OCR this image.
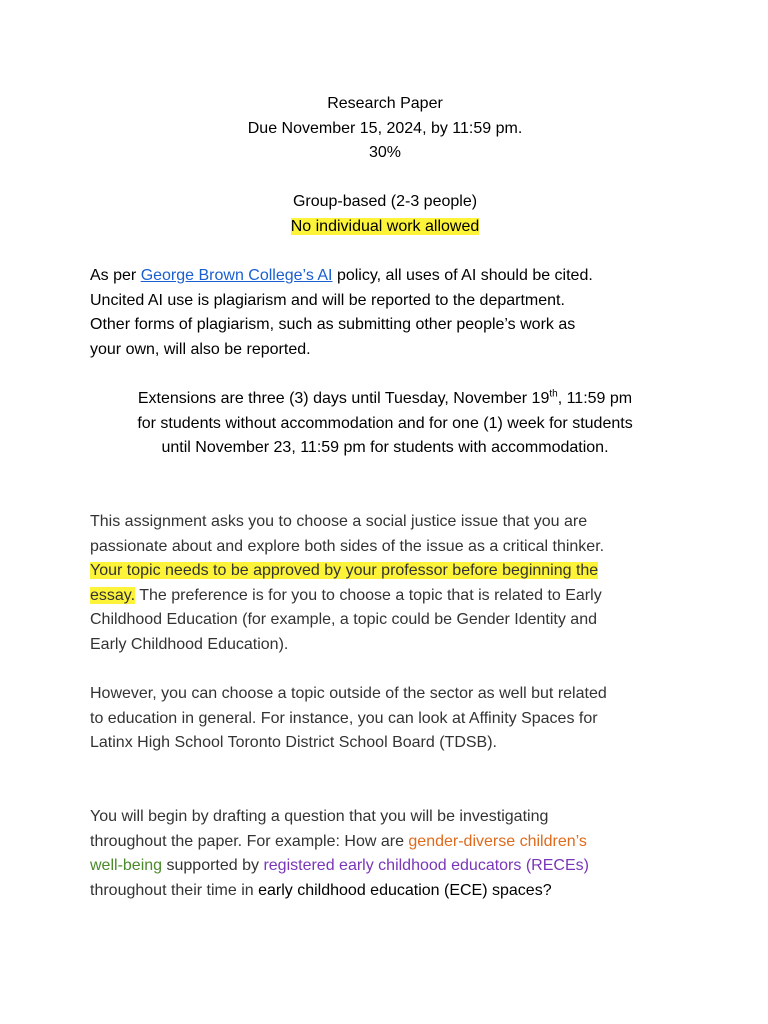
Research Paper
Due November 15, 2024, by 11:59 pm.
30%
Group-based (2-3 people)
No individual work allowed
As per George Brown College’s AI policy, all uses of AI should be cited.
Uncited AI use is plagiarism and will be reported to the department.
Other forms of plagiarism, such as submitting other people’s work as
your own, will also be reported.
Extensions are three (3) days until Tuesday, November 19th, 11:59 pm
for students without accommodation and for one (1) week for students
until November 23, 11:59 pm for students with accommodation.
This assignment asks you to choose a social justice issue that you are
passionate about and explore both sides of the issue as a critical thinker.
Your topic needs to be approved by your professor before beginning the
essay. The preference is for you to choose a topic that is related to Early
Childhood Education (for example, a topic could be Gender Identity and
Early Childhood Education).
However, you can choose a topic outside of the sector as well but related
to education in general. For instance, you can look at Affinity Spaces for
Latinx High School Toronto District School Board (TDSB).
You will begin by drafting a question that you will be investigating
throughout the paper. For example: How are gender-diverse children’s
well-being supported by registered early childhood educators (RECEs)
throughout their time in early childhood education (ECE) spaces?
